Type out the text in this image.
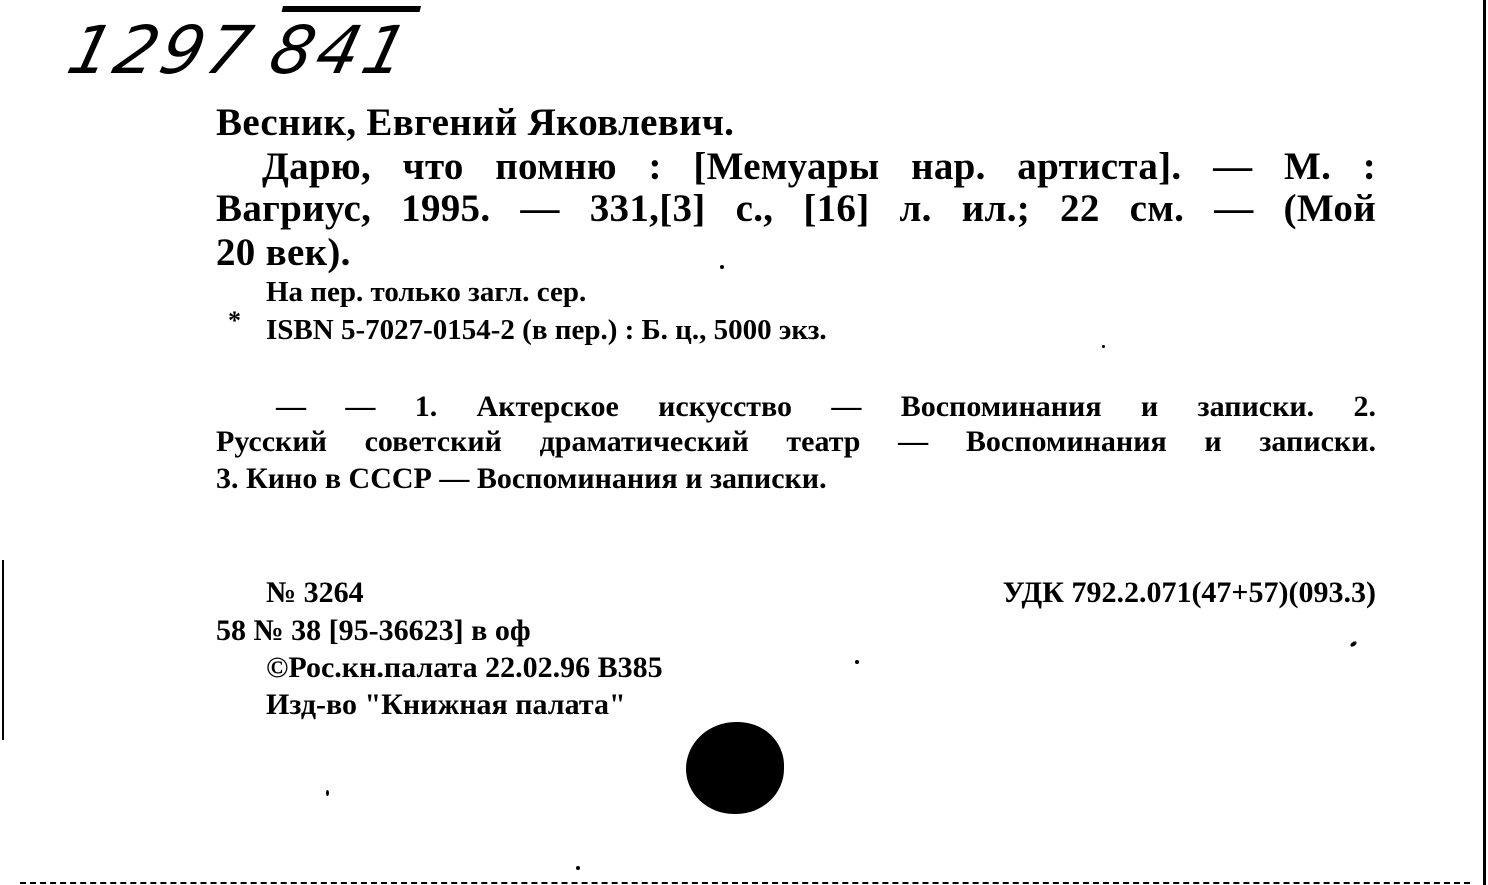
1297841
Весник, Евгений Яковлевич.
Дарю, что помню : [Мемуары нар. артиста]. — М. :
Вагриус, 1995. — 331,[3] с., [16] л. ил.; 22 см. — (Мой
20 век).
На пер. только загл. сер.
* ISBN 5-7027-0154-2 (в пер.) : Б. ц., 5000 экз.
— — 1. Актерское искусство — Воспоминания и записки. 2.
Русский советский драматический театр — Воспоминания и записки.
3. Кино в СССР — Воспоминания и записки.
№ 3264	УДК 792.2.071(47+57)(093.3)
58 № 38 [95-36623] в оф
©Рос.кн.палата 22.02.96 В385
Изд-во "Книжная палата"
